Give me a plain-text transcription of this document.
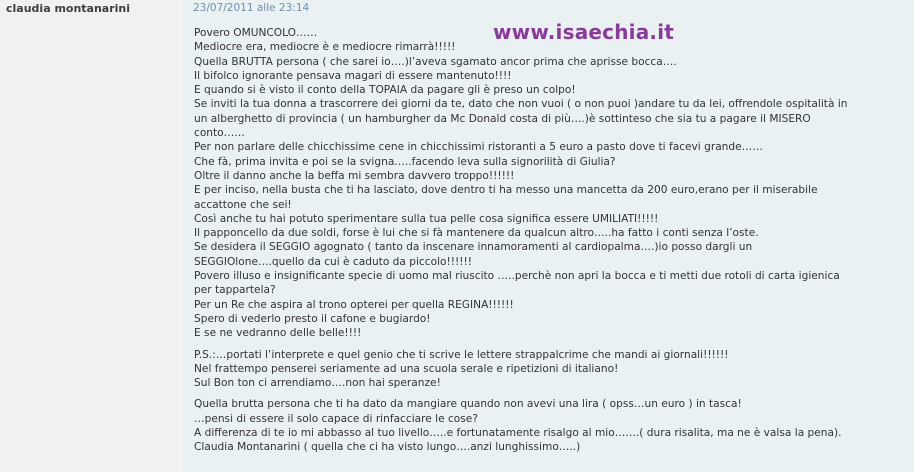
claudia montanarini	23/07/2011 alle 23:14
www.isaechia.it
Povero OMUNCOLO……
Mediocre era, mediocre è e mediocre rimarrà!!!!!
Quella BRUTTA persona ( che sarei io….)l’aveva sgamato ancor prima che aprisse bocca….
Il bifolco ignorante pensava magari di essere mantenuto!!!!
E quando si è visto il conto della TOPAIA da pagare gli è preso un colpo!
Se inviti la tua donna a trascorrere dei giorni da te, dato che non vuoi ( o non puoi )andare tu da lei, offrendole ospitalità in
un alberghetto di provincia ( un hamburgher da Mc Donald costa di più….)è sottinteso che sia tu a pagare il MISERO
conto……
Per non parlare delle chicchissime cene in chicchissimi ristoranti a 5 euro a pasto dove ti facevi grande……
Che fà, prima invita e poi se la svigna…..facendo leva sulla signorilità di Giulia?
Oltre il danno anche la beffa mi sembra davvero troppo!!!!!!
E per inciso, nella busta che ti ha lasciato, dove dentro ti ha messo una mancetta da 200 euro,erano per il miserabile
accattone che sei!
Così anche tu hai potuto sperimentare sulla tua pelle cosa significa essere UMILIATI!!!!!
Il papponcello da due soldi, forse è lui che si fà mantenere da qualcun altro…..ha fatto i conti senza l’oste.
Se desidera il SEGGIO agognato ( tanto da inscenare innamoramenti al cardiopalma….)io posso dargli un
SEGGIOlone….quello da cui è caduto da piccolo!!!!!!
Povero illuso e insignificante specie di uomo mal riuscito …..perchè non apri la bocca e ti metti due rotoli di carta igienica
per tappartela?
Per un Re che aspira al trono opterei per quella REGINA!!!!!!
Spero di vederlo presto il cafone e bugiardo!
E se ne vedranno delle belle!!!!
P.S.:…portati l’interprete e quel genio che ti scrive le lettere strappalcrime che mandi ai giornali!!!!!!
Nel frattempo penserei seriamente ad una scuola serale e ripetizioni di italiano!
Sul Bon ton ci arrendiamo….non hai speranze!
Quella brutta persona che ti ha dato da mangiare quando non avevi una lira ( opss…un euro ) in tasca!
…pensi di essere il solo capace di rinfacciare le cose?
A differenza di te io mi abbasso al tuo livello…..e fortunatamente risalgo al mio…….( dura risalita, ma ne è valsa la pena).
Claudia Montanarini ( quella che ci ha visto lungo….anzi lunghissimo…..)
